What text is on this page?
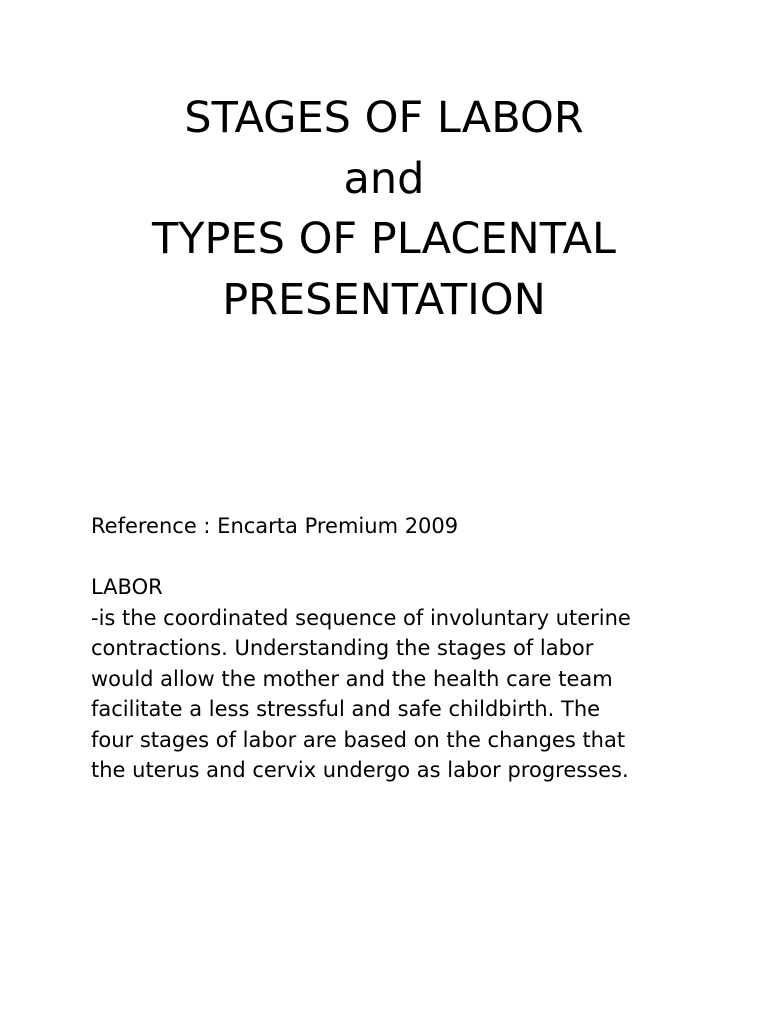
STAGES OF LABOR
and
TYPES OF PLACENTAL
PRESENTATION
Reference : Encarta Premium 2009
LABOR
-is the coordinated sequence of involuntary uterine
contractions. Understanding the stages of labor
would allow the mother and the health care team
facilitate a less stressful and safe childbirth. The
four stages of labor are based on the changes that
the uterus and cervix undergo as labor progresses.
